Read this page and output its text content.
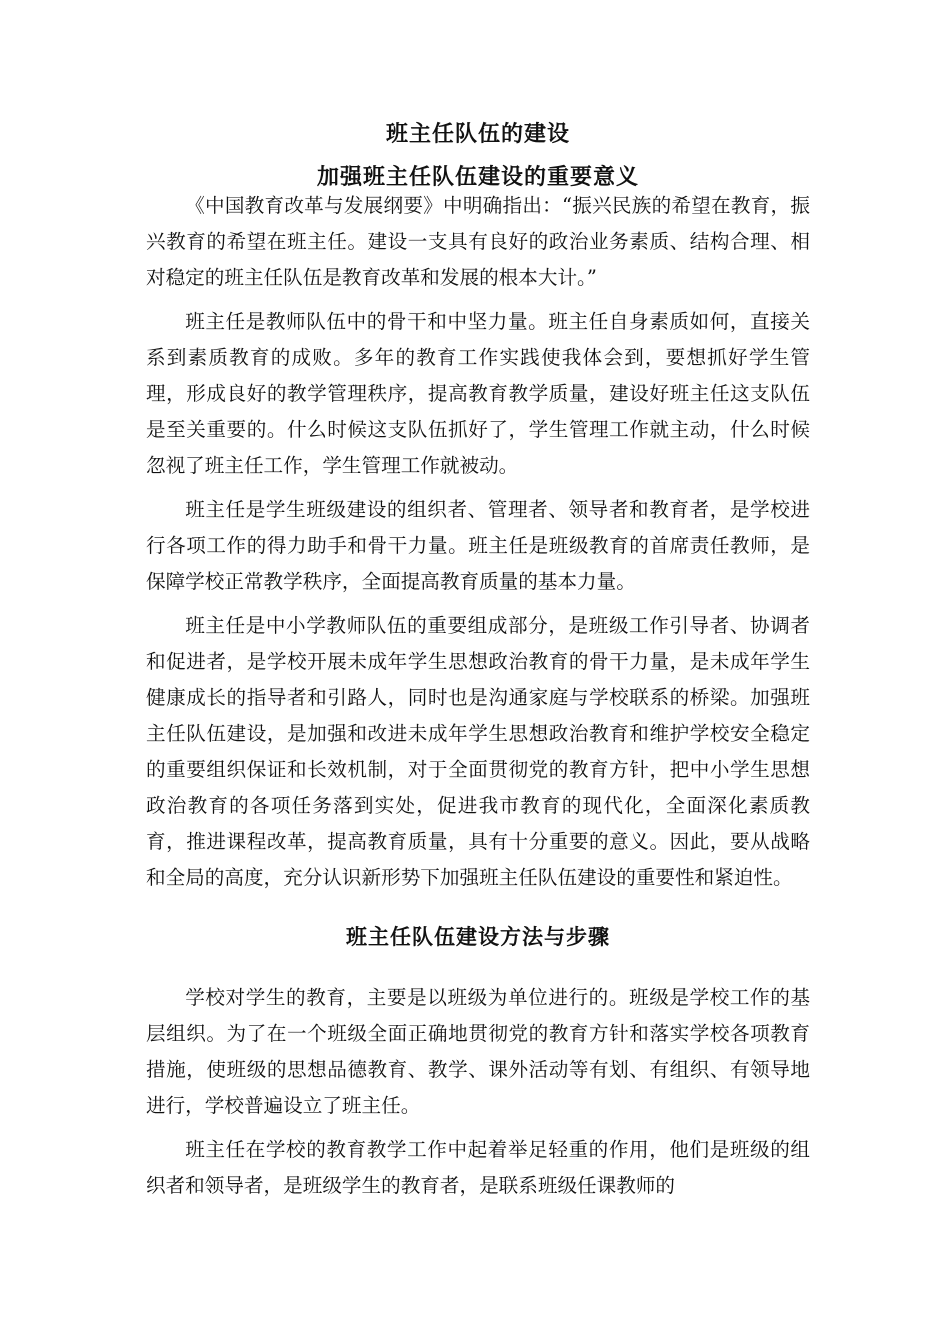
班主任队伍的建设
加强班主任队伍建设的重要意义

《中国教育改革与发展纲要》中明确指出：“振兴民族的希望在教育，振兴教育的希望在班主任。建设一支具有良好的政治业务素质、结构合理、相对稳定的班主任队伍是教育改革和发展的根本大计。”

班主任是教师队伍中的骨干和中坚力量。班主任自身素质如何，直接关系到素质教育的成败。多年的教育工作实践使我体会到，要想抓好学生管理，形成良好的教学管理秩序，提高教育教学质量，建设好班主任这支队伍是至关重要的。什么时候这支队伍抓好了，学生管理工作就主动，什么时候忽视了班主任工作，学生管理工作就被动。

班主任是学生班级建设的组织者、管理者、领导者和教育者，是学校进行各项工作的得力助手和骨干力量。班主任是班级教育的首席责任教师，是保障学校正常教学秩序，全面提高教育质量的基本力量。

班主任是中小学教师队伍的重要组成部分，是班级工作引导者、协调者和促进者，是学校开展未成年学生思想政治教育的骨干力量，是未成年学生健康成长的指导者和引路人，同时也是沟通家庭与学校联系的桥梁。加强班主任队伍建设，是加强和改进未成年学生思想政治教育和维护学校安全稳定的重要组织保证和长效机制，对于全面贯彻党的教育方针，把中小学生思想政治教育的各项任务落到实处，促进我市教育的现代化，全面深化素质教育，推进课程改革，提高教育质量，具有十分重要的意义。因此，要从战略和全局的高度，充分认识新形势下加强班主任队伍建设的重要性和紧迫性。

班主任队伍建设方法与步骤

学校对学生的教育，主要是以班级为单位进行的。班级是学校工作的基层组织。为了在一个班级全面正确地贯彻党的教育方针和落实学校各项教育措施，使班级的思想品德教育、教学、课外活动等有划、有组织、有领导地进行，学校普遍设立了班主任。

班主任在学校的教育教学工作中起着举足轻重的作用，他们是班级的组织者和领导者，是班级学生的教育者，是联系班级任课教师的
